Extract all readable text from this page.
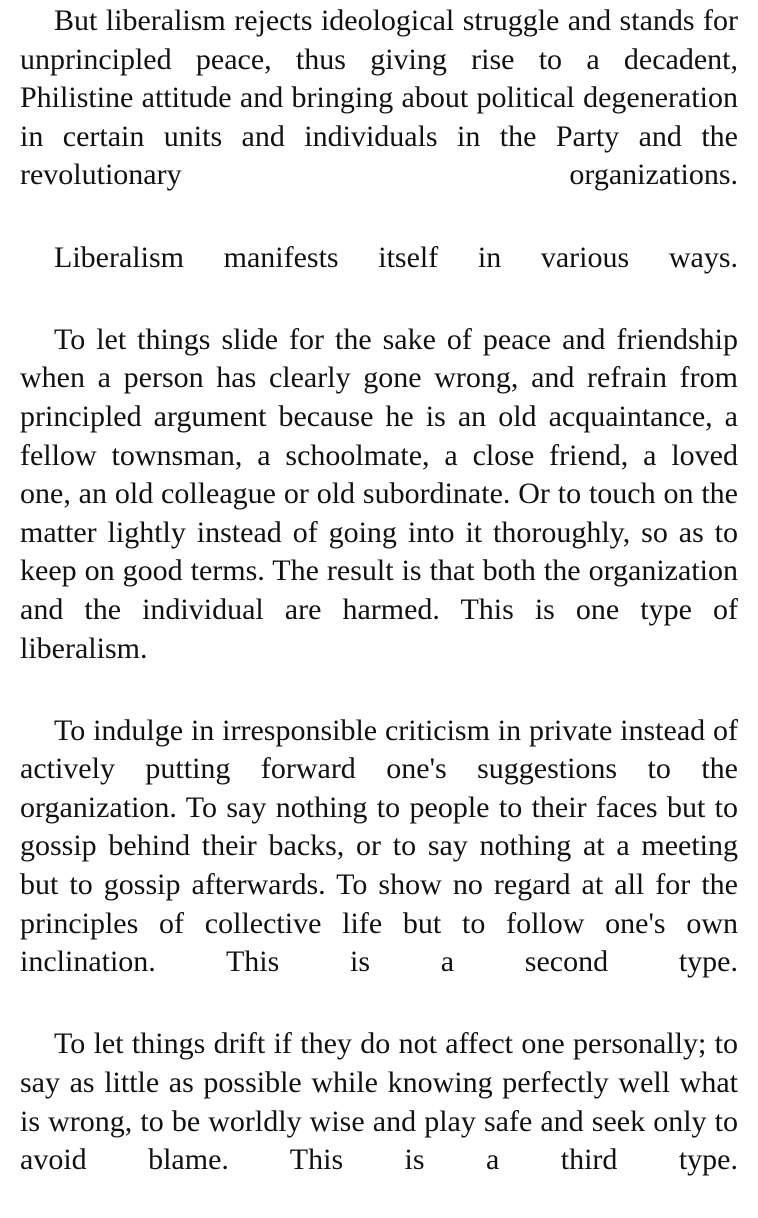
But liberalism rejects ideological struggle and stands for unprincipled peace, thus giving rise to a decadent, Philistine attitude and bringing about political degeneration in certain units and individuals in the Party and the revolutionary organizations.

Liberalism manifests itself in various ways.

To let things slide for the sake of peace and friendship when a person has clearly gone wrong, and refrain from principled argument because he is an old acquaintance, a fellow townsman, a schoolmate, a close friend, a loved one, an old colleague or old subordinate. Or to touch on the matter lightly instead of going into it thoroughly, so as to keep on good terms. The result is that both the organization and the individual are harmed. This is one type of liberalism.

To indulge in irresponsible criticism in private instead of actively putting forward one's suggestions to the organization. To say nothing to people to their faces but to gossip behind their backs, or to say nothing at a meeting but to gossip afterwards. To show no regard at all for the principles of collective life but to follow one's own inclination. This is a second type.

To let things drift if they do not affect one personally; to say as little as possible while knowing perfectly well what is wrong, to be worldly wise and play safe and seek only to avoid blame. This is a third type.
